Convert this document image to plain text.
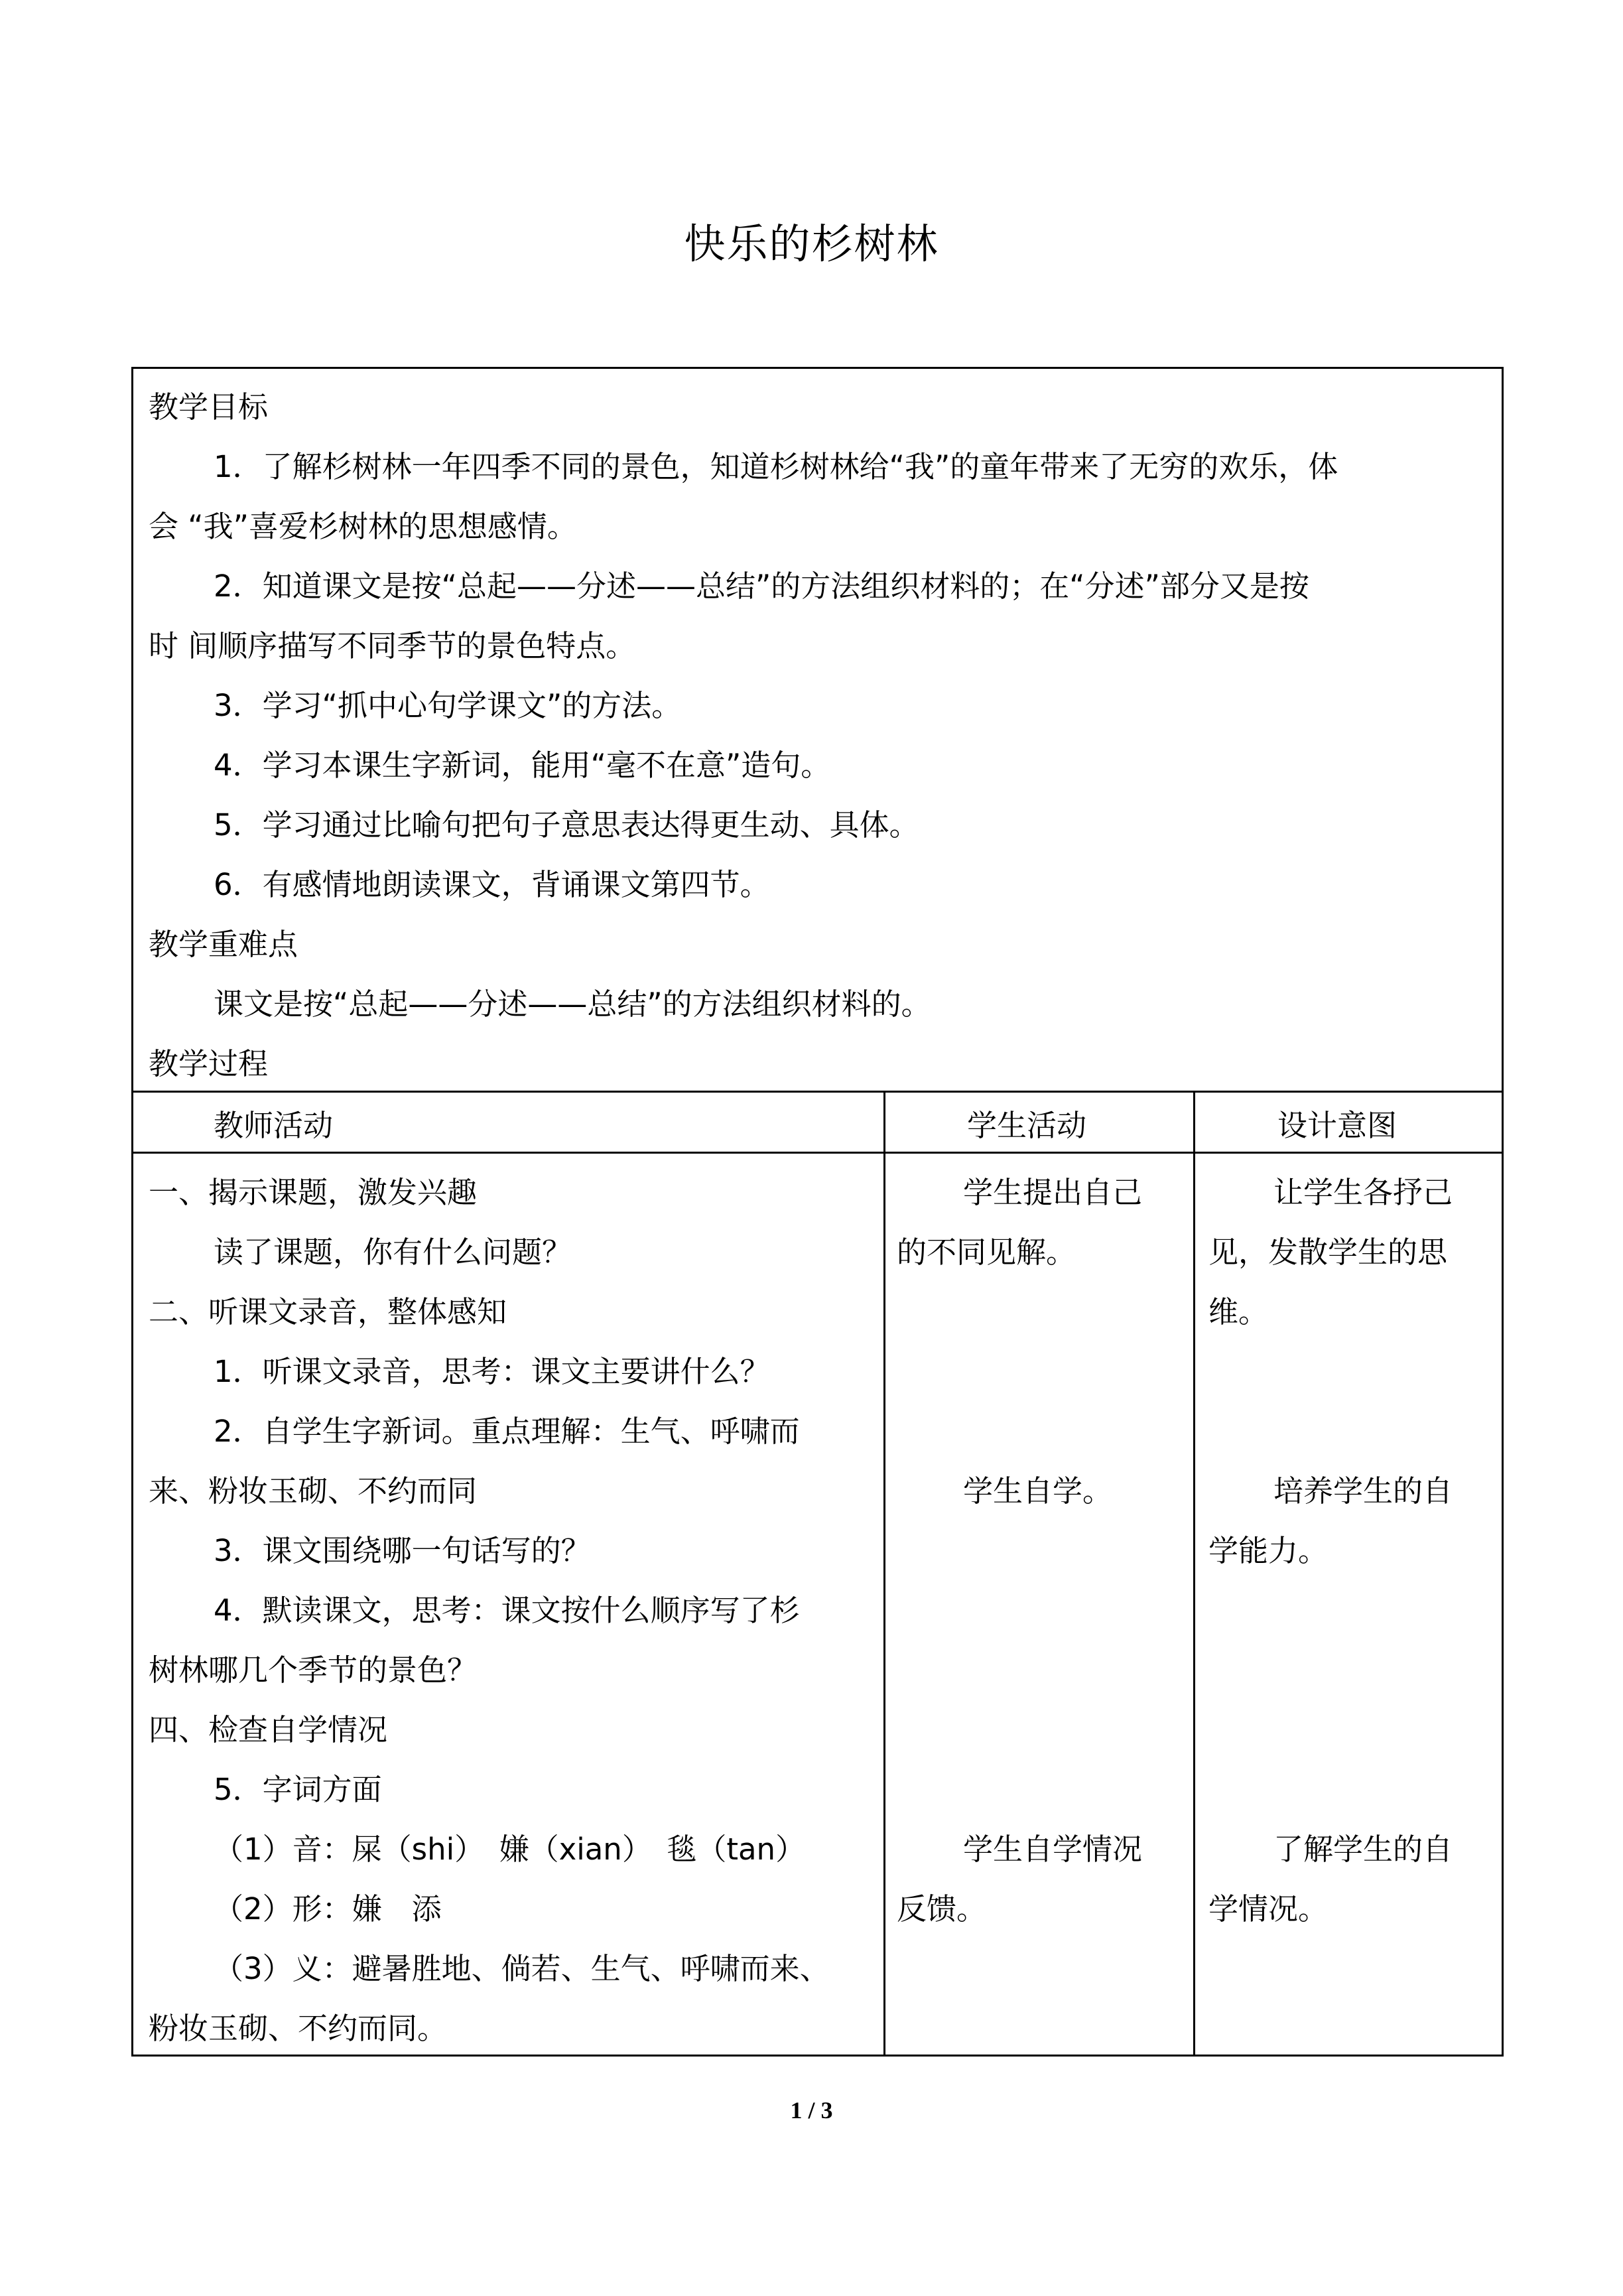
快乐的杉树林
教学目标
1．了解杉树林一年四季不同的景色，知道杉树林给“我”的童年带来了无穷的欢乐，体
会 “我”喜爱杉树林的思想感情。
2．知道课文是按“总起——分述——总结”的方法组织材料的；在“分述”部分又是按
时 间顺序描写不同季节的景色特点。
3．学习“抓中心句学课文”的方法。
4．学习本课生字新词，能用“毫不在意”造句。
5．学习通过比喻句把句子意思表达得更生动、具体。
6．有感情地朗读课文，背诵课文第四节。
教学重难点
课文是按“总起——分述——总结”的方法组织材料的。
教学过程
教师活动	学生活动	设计意图
一、揭示课题，激发兴趣
读了课题，你有什么问题？
二、听课文录音，整体感知
1．听课文录音，思考：课文主要讲什么？
2．自学生字新词。重点理解：生气、呼啸而
来、粉妆玉砌、不约而同
3．课文围绕哪一句话写的？
4．默读课文，思考：课文按什么顺序写了杉
树林哪几个季节的景色？
四、检查自学情况
5．字词方面
（1）音：屎（shi）　嫌（xian）　毯（tan）
（2）形：嫌　添
（3）义：避暑胜地、倘若、生气、呼啸而来、
粉妆玉砌、不约而同。
学生提出自己
的不同见解。
学生自学。
学生自学情况
反馈。
让学生各抒己
见，发散学生的思
维。
培养学生的自
学能力。
了解学生的自
学情况。
1 / 3
